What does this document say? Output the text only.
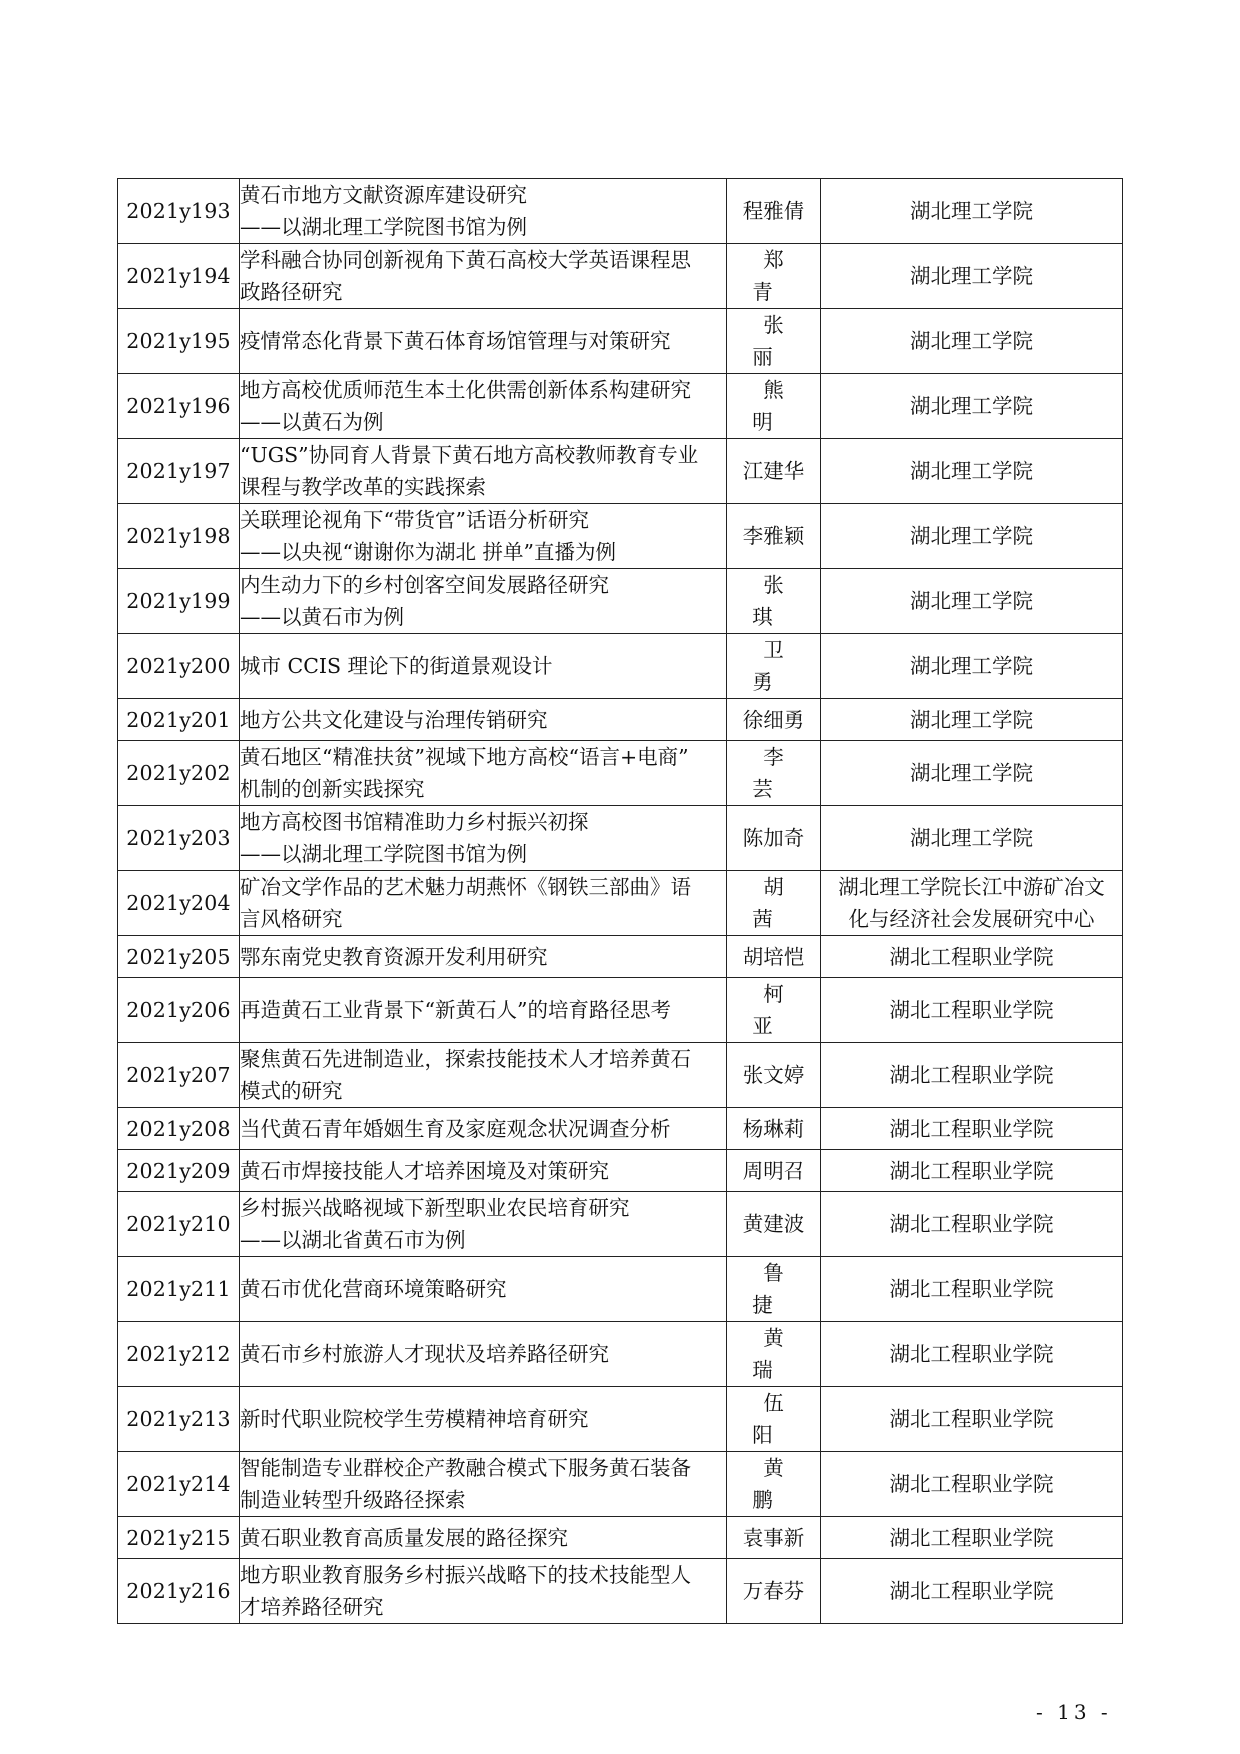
2021y193	黄石市地方文献资源库建设研究
——以湖北理工学院图书馆为例	程雅倩	湖北理工学院

2021y194	学科融合协同创新视角下黄石高校大学英语课程思
政路径研究	郑青	湖北理工学院

2021y195	疫情常态化背景下黄石体育场馆管理与对策研究	张丽	湖北理工学院

2021y196	地方高校优质师范生本土化供需创新体系构建研究
——以黄石为例	熊明	湖北理工学院

2021y197	“UGS”协同育人背景下黄石地方高校教师教育专业
课程与教学改革的实践探索	江建华	湖北理工学院

2021y198	关联理论视角下“带货官”话语分析研究
——以央视“谢谢你为湖北 拼单”直播为例	李雅颖	湖北理工学院

2021y199	内生动力下的乡村创客空间发展路径研究
——以黄石市为例	张琪	湖北理工学院

2021y200	城市 CCIS 理论下的街道景观设计	卫勇	湖北理工学院

2021y201	地方公共文化建设与治理传销研究	徐细勇	湖北理工学院

2021y202	黄石地区“精准扶贫”视域下地方高校“语言+电商”
机制的创新实践探究	李芸	湖北理工学院

2021y203	地方高校图书馆精准助力乡村振兴初探
——以湖北理工学院图书馆为例	陈加奇	湖北理工学院

2021y204	矿冶文学作品的艺术魅力胡燕怀《钢铁三部曲》语
言风格研究	胡茜	湖北理工学院长江中游矿冶文
化与经济社会发展研究中心

2021y205	鄂东南党史教育资源开发利用研究	胡培恺	湖北工程职业学院

2021y206	再造黄石工业背景下“新黄石人”的培育路径思考	柯亚	湖北工程职业学院

2021y207	聚焦黄石先进制造业，探索技能技术人才培养黄石
模式的研究	张文婷	湖北工程职业学院

2021y208	当代黄石青年婚姻生育及家庭观念状况调查分析	杨琳莉	湖北工程职业学院

2021y209	黄石市焊接技能人才培养困境及对策研究	周明召	湖北工程职业学院

2021y210	乡村振兴战略视域下新型职业农民培育研究
——以湖北省黄石市为例	黄建波	湖北工程职业学院

2021y211	黄石市优化营商环境策略研究	鲁捷	湖北工程职业学院

2021y212	黄石市乡村旅游人才现状及培养路径研究	黄瑞	湖北工程职业学院

2021y213	新时代职业院校学生劳模精神培育研究	伍阳	湖北工程职业学院

2021y214	智能制造专业群校企产教融合模式下服务黄石装备
制造业转型升级路径探索	黄鹏	湖北工程职业学院

2021y215	黄石职业教育高质量发展的路径探究	袁事新	湖北工程职业学院

2021y216	地方职业教育服务乡村振兴战略下的技术技能型人
才培养路径研究	万春芬	湖北工程职业学院
- 13 -
